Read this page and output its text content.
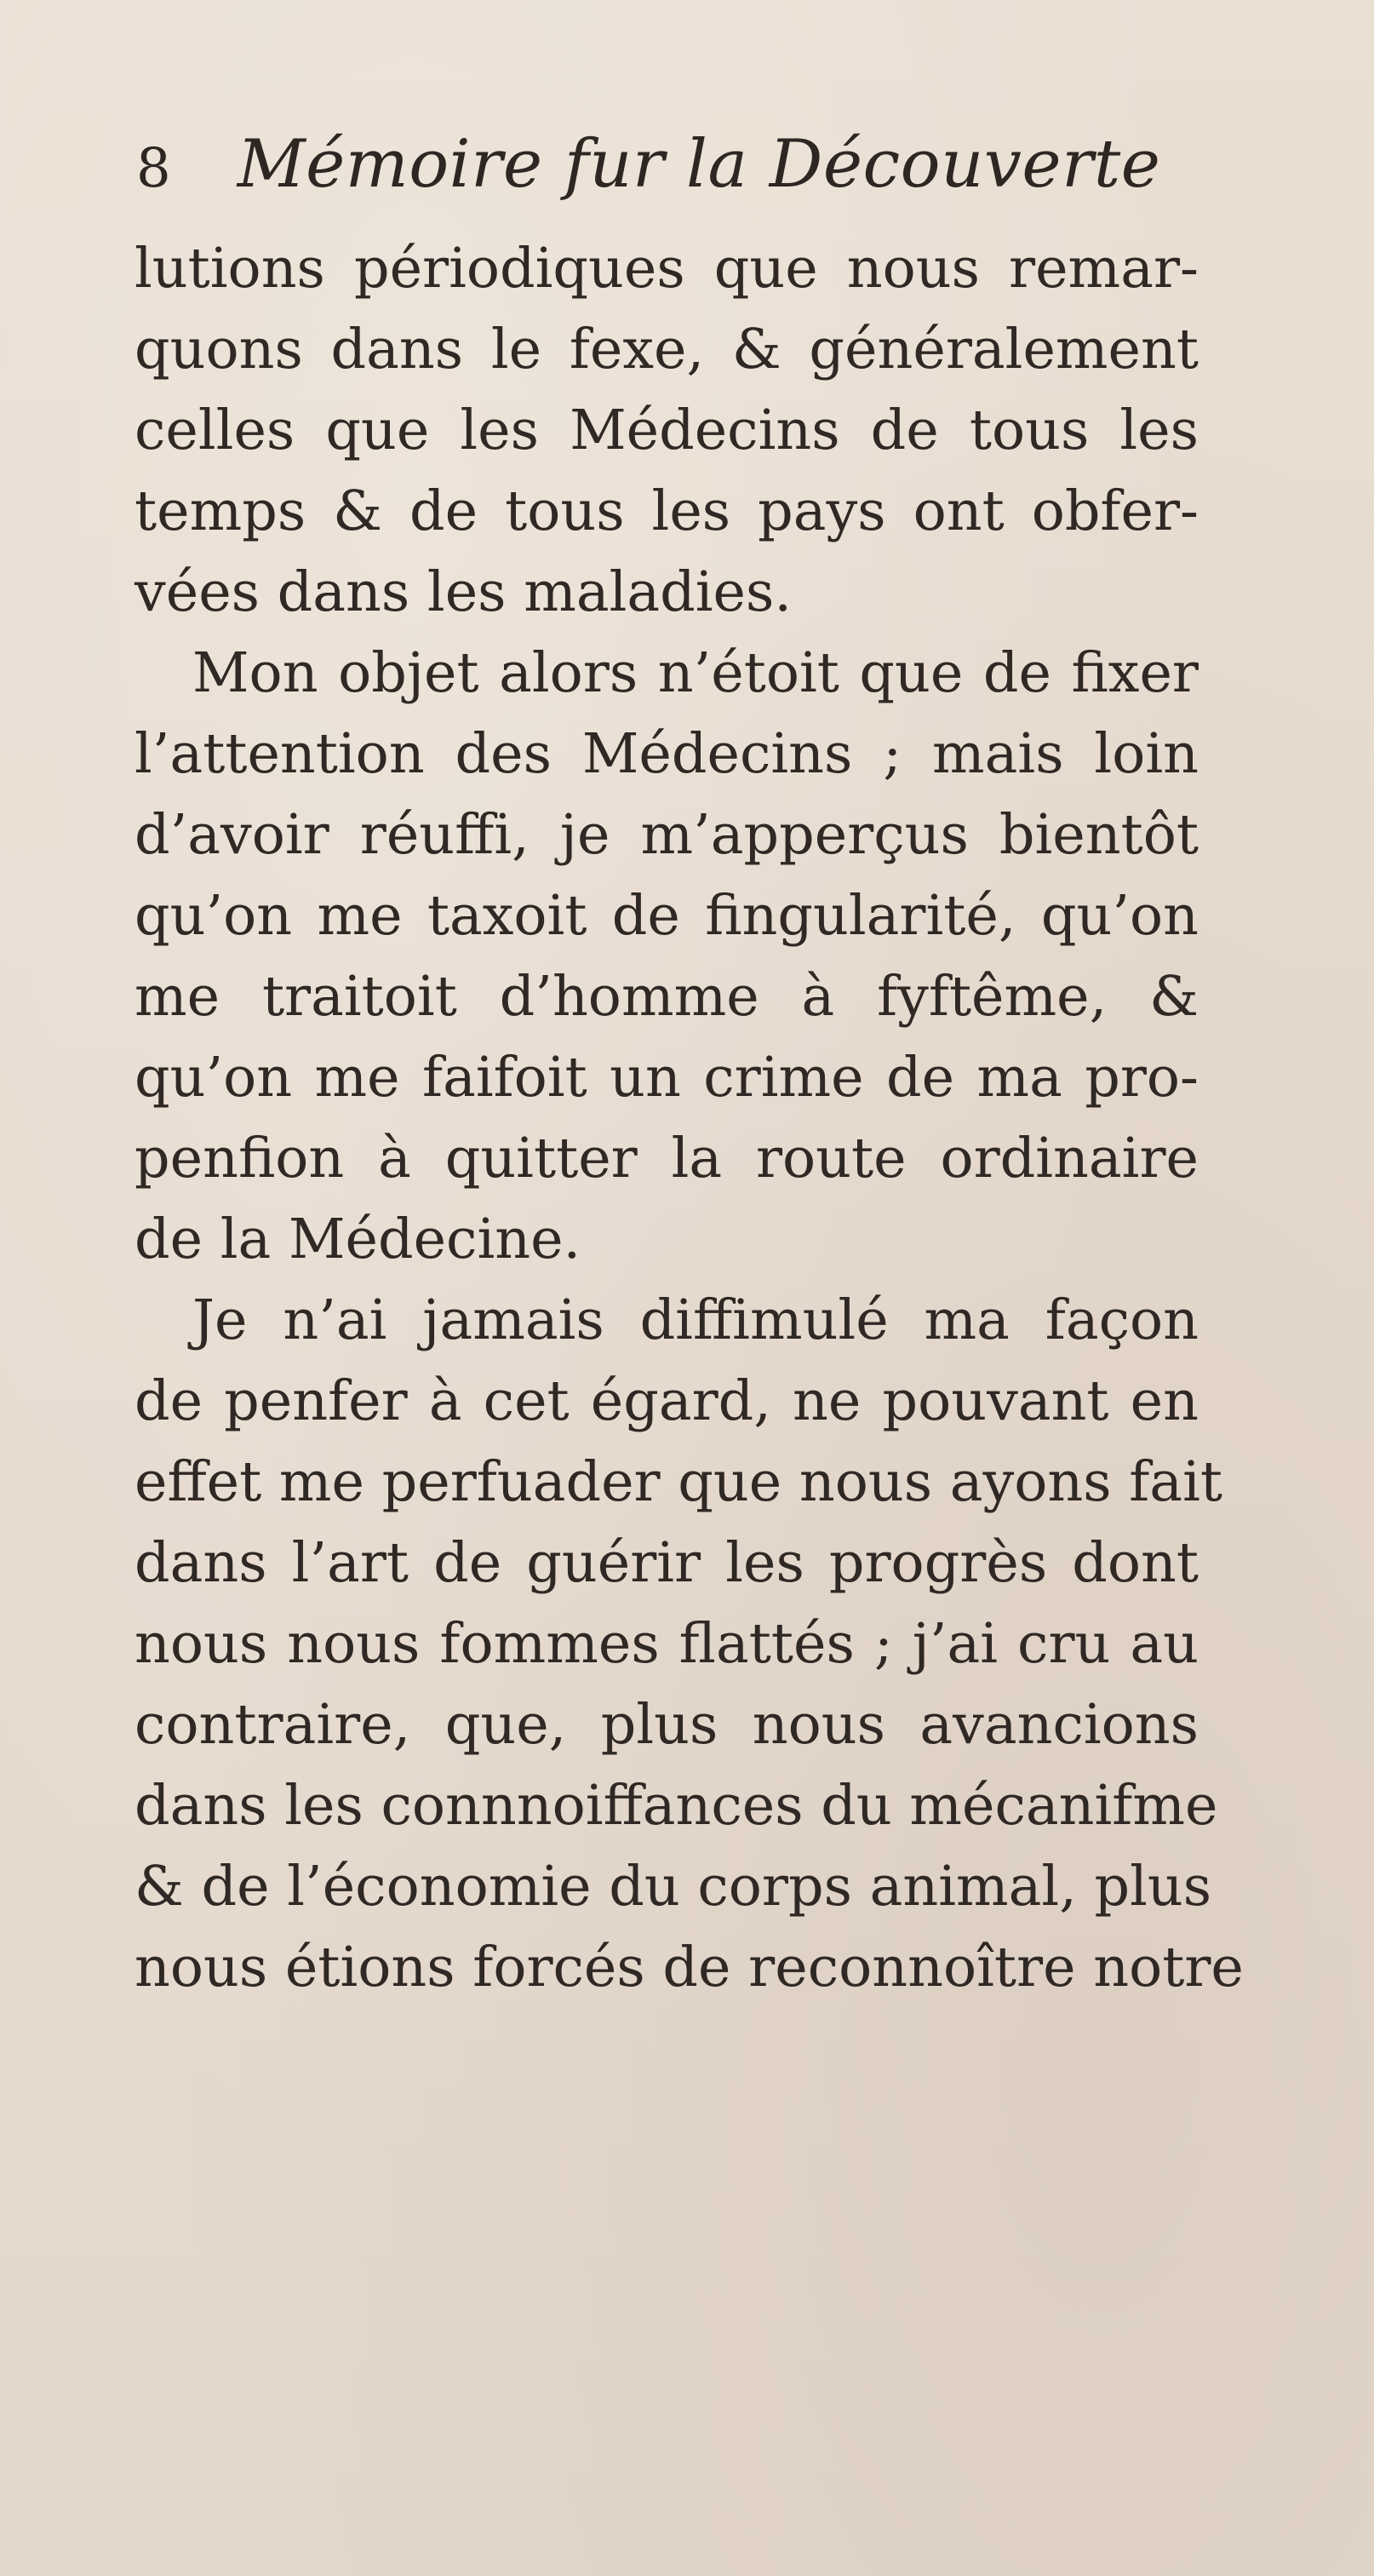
8 Mémoire fur la Découverte
lutions périodiques que nous remar-
quons dans le fexe, & généralement
celles que les Médecins de tous les
temps & de tous les pays ont obfer-
vées dans les maladies.
Mon objet alors n’étoit que de fixer
l’attention des Médecins ; mais loin
d’avoir réuffi, je m’apperçus bientôt
qu’on me taxoit de fingularité, qu’on
me traitoit d’homme à fyftême, &
qu’on me faifoit un crime de ma pro-
penfion à quitter la route ordinaire
de la Médecine.
Je n’ai jamais diffimulé ma façon
de penfer à cet égard, ne pouvant en
effet me perfuader que nous ayons fait
dans l’art de guérir les progrès dont
nous nous fommes flattés ; j’ai cru au
contraire, que, plus nous avancions
dans les connnoiffances du mécanifme
& de l’économie du corps animal, plus
nous étions forcés de reconnoître notre
